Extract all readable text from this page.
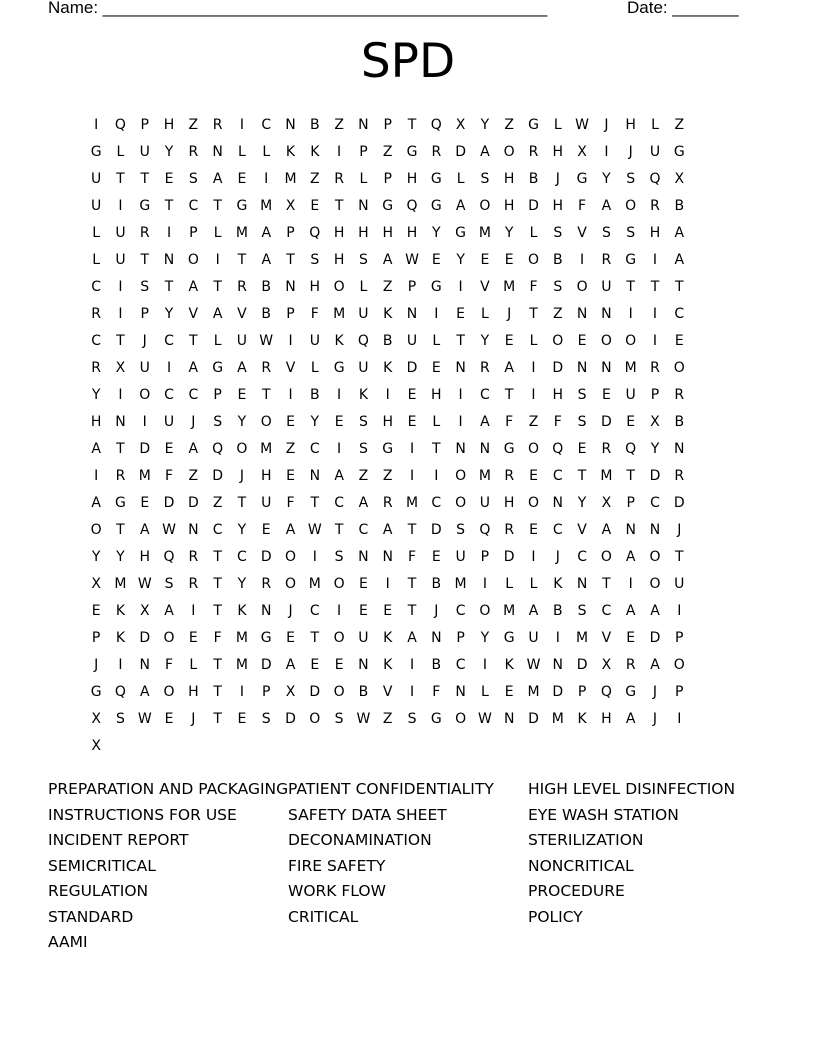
Name: _______________________________________________

	Date: _______

SPD
I	Q	P	H	Z	R	I	C	N	B	Z	N	P	T	Q X	Y	Z	G	L W	J	H	L	Z
G	L	U	Y	R	N	L	L	K	K	I	P	Z	G	R	D	A O R	H	X	I	J	U G
U	T	T	E	S	A	E	I	M Z	R	L	P	H G	L	S	H	B	J	G	Y	S	Q X
U	I	G	T	C	T	G M X	E	T	N G Q G	A O H D H	F	A O R	B
L	U	R	I	P	L	M A	P	Q H H H H	Y	G M Y	L	S	V	S	S	H	A
L	U	T	N O	I	T	A	T	S	H	S	A W E	Y	E	E	O B	I	R	G	I	A
C	I	S	T	A	T	R	B	N H O	L	Z	P	G	I	V M	F	S	O U	T	T	T
R	I	P	Y	V	A	V	B	P	F	M U	K	N	I	E	L	J	T	Z	N N	I	I	C
C	T	J	C	T	L	U W	I	U	K	Q B	U	L	T	Y	E	L	O	E	O O	I	E
R	X	U	I	A	G	A	R	V	L	G U	K	D	E	N	R	A	I	D N N M R O
Y	I	O C	C	P	E	T	I	B	I	K	I	E	H	I	C	T	I	H	S	E	U	P	R
H N	I	U	J	S	Y	O	E	Y	E	S	H	E	L	I	A	F	Z	F	S	D	E	X	B
A	T	D	E	A Q O M Z	C	I	S	G	I	T	N N G O Q	E	R Q	Y	N
I	R M	F	Z	D	J	H	E	N	A	Z	Z	I	I	O M R	E	C	T M T	D	R
A	G	E	D D	Z	T	U	F	T	C	A	R M C O U H O N	Y	X	P	C	D
O	T	A W N	C	Y	E	A W T	C	A	T	D	S	Q R	E	C	V	A	N N	J
Y	Y	H Q R	T	C	D O	I	S	N N	F	E	U	P	D	I	J	C O	A O	T
X M W S	R	T	Y	R O M O	E	I	T	B M	I	L	L	K	N	T	I	O U
E	K	X	A	I	T	K	N	J	C	I	E	E	T	J	C O M A	B	S	C	A	A	I
P	K	D O	E	F	M G	E	T	O U	K	A	N	P	Y	G U	I	M V	E	D	P
J	I	N	F	L	T M D	A	E	E	N	K	I	B	C	I	K W N D	X	R	A O
G Q	A O H	T	I	P	X	D O B	V	I	F	N	L	E M D	P	Q G	J	P
X	S W E	J	T	E	S	D O	S W Z	S	G O W N D M K	H	A	J	I
X
PREPARATION AND PACKAGING
INSTRUCTIONS FOR USE
INCIDENT REPORT
SEMICRITICAL
REGULATION
STANDARD
AAMI
PATIENT CONFIDENTIALITY
SAFETY DATA SHEET
DECONAMINATION
FIRE SAFETY
WORK FLOW
CRITICAL
HIGH LEVEL DISINFECTION
EYE WASH STATION
STERILIZATION
NONCRITICAL
PROCEDURE
POLICY
